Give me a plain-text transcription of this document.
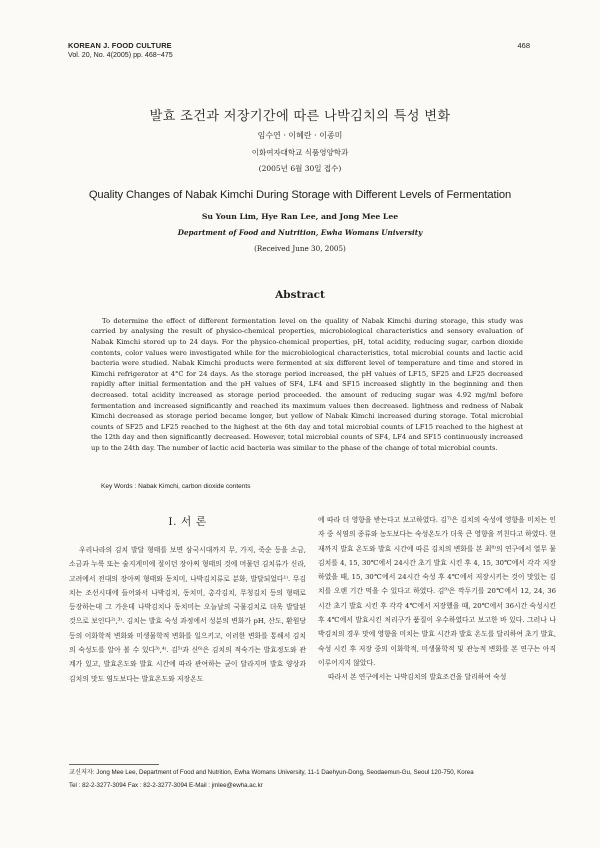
KOREAN J. FOOD CULTURE
Vol. 20, No. 4(2005) pp. 468~475
468
발효 조건과 저장기간에 따른 나박김치의 특성 변화
임수연 · 이혜란 · 이종미
이화여자대학교 식품영양학과
(2005년 6월 30일 접수)
Quality Changes of Nabak Kimchi During Storage with Different Levels of Fermentation
Su Youn Lim, Hye Ran Lee, and Jong Mee Lee
Department of Food and Nutrition, Ewha Womans University
(Received June 30, 2005)
Abstract

To determine the effect of different fermentation level on the quality of Nabak Kimchi during storage, this study was carried by analysing the result of physico-chemical properties, microbiological characteristics and sensory evaluation of Nabak Kimchi stored up to 24 days. For the physico-chemical properties, pH, total acidity, reducing sugar, carbon dioxide contents, color values were investigated while for the microbiological characteristics, total microbial counts and lactic acid bacteria were studied. Nabak Kimchi products were fermented at six different level of temperature and time and stored in Kimchi refrigerator at 4°C for 24 days. As the storage period increased, the pH values of LF15, SF25 and LF25 decreased rapidly after initial fermentation and the pH values of SF4, LF4 and SF15 increased slightly in the beginning and then decreased. total acidity increased as storage period proceeded. the amount of reducing sugar was 4.92 mg/ml before fermentation and increased significantly and reached its maximum values then decreased. lightness and redness of Nabak Kimchi decreased as storage period became longer, but yellow of Nabak Kimchi increased during storage. Total microbial counts of SF25 and LF25 reached to the highest at the 6th day and total microbial counts of LF15 reached to the highest at the 12th day and then significantly decreased. However, total microbial counts of SF4, LF4 and SF15 continuously increased up to the 24th day. The number of lactic acid bacteria was similar to the phase of the change of total microbial counts.

Key Words : Nabak Kimchi, carbon dioxide contents
I. 서 론

우리나라의 김치 발달 형태를 보면 삼국시대까지 무, 가지, 죽순 등을 소금, 소금과 누룩 또는 술지게미에 절이던 장아찌 형태의 것에 머물던 김치류가 신라, 고려에서 전대의 장아찌 형태와 동치미, 나박김치류로 분화, 발달되었다¹⁾. 무김치는 조선시대에 들어와서 나박김치, 동치미, 총각김치, 무청김치 등의 형태로 등장하는데 그 가운데 나박김치나 동치미는 오늘날의 국물김치로 더욱 발달된 것으로 보인다²⁾,³⁾. 김치는 발효 숙성 과정에서 성분의 변화가 pH, 산도, 환원당 등의 이화학적 변화와 미생물학적 변화를 일으키고, 이러한 변화를 통해서 김치의 숙성도를 알아 볼 수 있다³⁾,⁴⁾. 김⁵⁾과 신⁶⁾은 김치의 적숙기는 발효정도와 관계가 있고, 발효온도와 발효 시간에 따라 관여하는 균이 달라지며 발효 양상과 김치의 맛도 염도보다는 발효온도와 저장온도

에 따라 더 영향을 받는다고 보고하였다. 김⁷⁾은 김치의 숙성에 영향을 미치는 인자 중 식염의 종류와 농도보다는 숙성온도가 더욱 큰 영향을 끼친다고 하였다. 현재까지 발효 온도와 발효 시간에 따른 김치의 변화를 본 최⁸⁾의 연구에서 열무 물김치를 4, 15, 30℃에서 24시간 초기 발효 시킨 후 4, 15, 30℃에서 각각 저장하였을 때, 15, 30℃에서 24시간 숙성 후 4℃에서 저장시키는 것이 맛있는 김치를 오랜 기간 먹을 수 있다고 하였다. 김⁹⁾은 깍두기를 20℃에서 12, 24, 36시간 초기 발효 시킨 후 각각 4℃에서 저장했을 때, 20℃에서 36시간 숙성시킨 후 4℃에서 발효시킨 처리구가 품질이 우수하였다고 보고한 바 있다. 그러나 나박김치의 경우 맛에 영향을 미치는 발효 시간과 발효 온도를 달리하여 초기 발효, 숙성 시킨 후 저장 중의 이화학적, 미생물학적 및 관능적 변화를 본 연구는 아직 이루어지지 않았다.

따라서 본 연구에서는 나박김치의 발효조건을 달리하여 숙성

교신저자: Jong Mee Lee, Department of Food and Nutrition, Ewha Womans University, 11-1 Daehyun-Dong, Seodaemun-Gu, Seoul 120-750, Korea
Tel : 82-2-3277-3094 Fax : 82-2-3277-3094 E-Mail : jmlee@ewha.ac.kr
